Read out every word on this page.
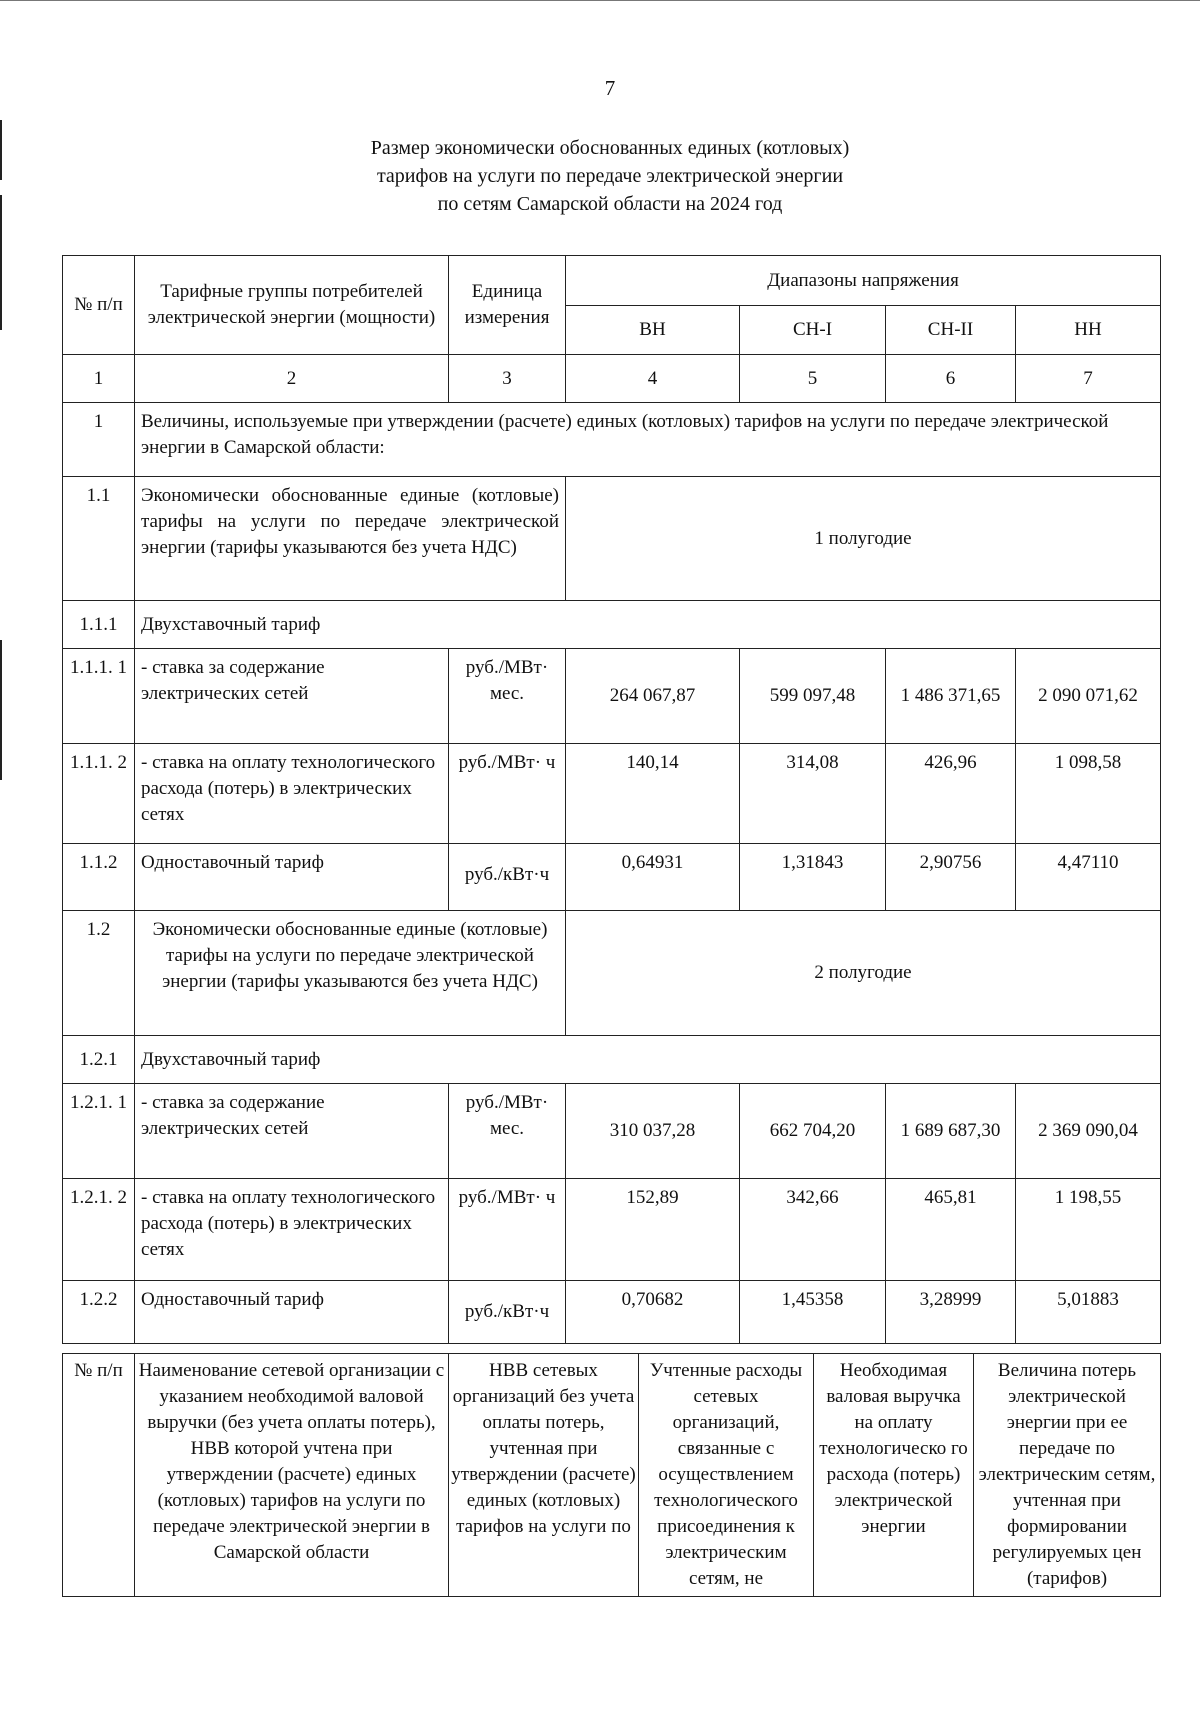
7
Размер экономически обоснованных единых (котловых)
тарифов на услуги по передаче электрической энергии
по сетям Самарской области на 2024 год
№ п/п	Тарифные группы потребителей электрической энергии (мощности)	Единица измерения	Диапазоны напряжения			
			ВН	СН-I	СН-II	НН
1	2	3	4	5	6	7
1	Величины, используемые при утверждении (расчете) единых (котловых) тарифов на услуги по передаче электрической энергии в Самарской области:					
1.1	Экономически обоснованные единые (котловые) тарифы на услуги по передаче электрической энергии (тарифы указываются без учета НДС)		1 полугодие			
1.1.1	Двухставочный тариф					
1.1.1. 1	- ставка за содержание электрических сетей	руб./МВт· мес.	264 067,87	599 097,48	1 486 371,65	2 090 071,62
1.1.1. 2	- ставка на оплату технологического расхода (потерь) в электрических сетях	руб./МВт· ч	140,14	314,08	426,96	1 098,58
1.1.2	Одноставочный тариф	руб./кВт·ч	0,64931	1,31843	2,90756	4,47110
1.2	Экономически обоснованные единые (котловые) тарифы на услуги по передаче электрической энергии (тарифы указываются без учета НДС)		2 полугодие			
1.2.1	Двухставочный тариф					
1.2.1. 1	- ставка за содержание электрических сетей	руб./МВт· мес.	310 037,28	662 704,20	1 689 687,30	2 369 090,04
1.2.1. 2	- ставка на оплату технологического расхода (потерь) в электрических сетях	руб./МВт· ч	152,89	342,66	465,81	1 198,55
1.2.2	Одноставочный тариф	руб./кВт·ч	0,70682	1,45358	3,28999	5,01883
№ п/п	Наименование сетевой организации с указанием необходимой валовой выручки (без учета оплаты потерь), НВВ которой учтена при утверждении (расчете) единых (котловых) тарифов на услуги по передаче электрической энергии в Самарской области	НВВ сетевых организаций без учета оплаты потерь, учтенная при утверждении (расчете) единых (котловых) тарифов на услуги по	Учтенные расходы сетевых организаций, связанные с осуществлением технологического присоединения к электрическим сетям, не	Необходимая валовая выручка на оплату технологическо го расхода (потерь) электрической энергии	Величина потерь электрической энергии при ее передаче по электрическим сетям, учтенная при формировании регулируемых цен (тарифов)
